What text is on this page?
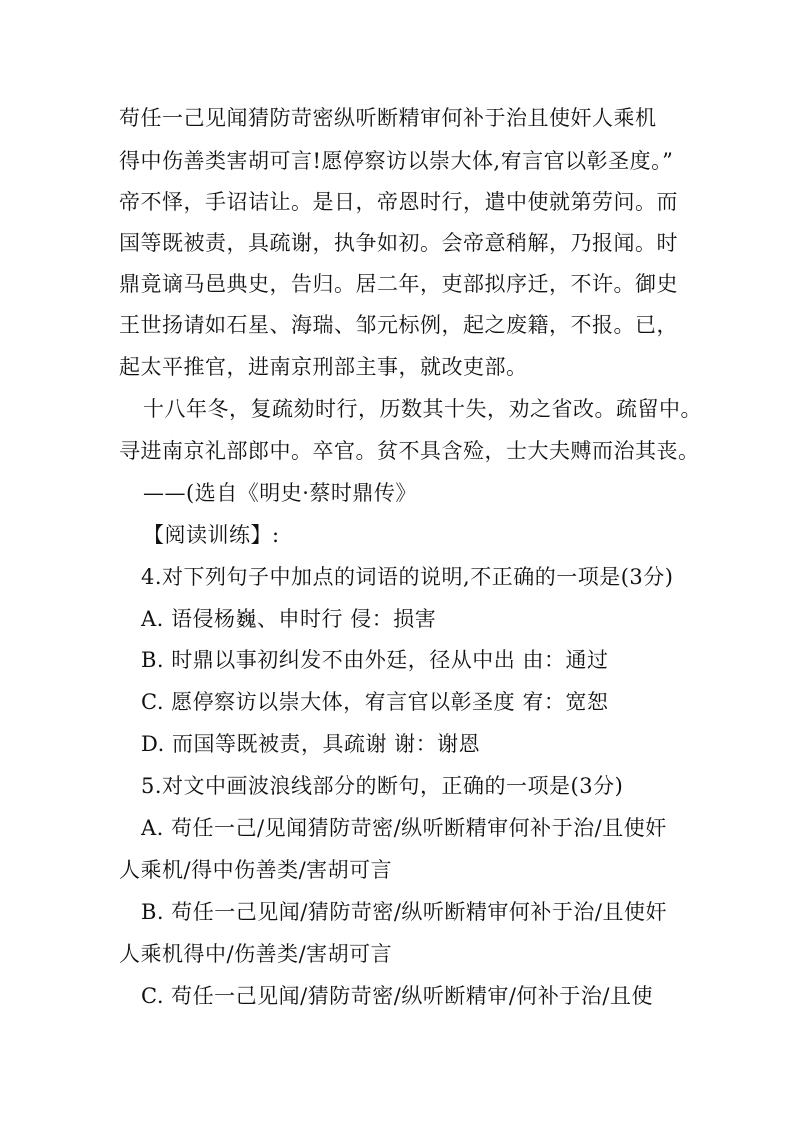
苟任一己见闻猜防苛密纵听断精审何补于治且使奸人乘机
得中伤善类害胡可言!愿停察访以崇大体,宥言官以彰圣度。”
帝不怿，手诏诘让。是日，帝恩时行，遣中使就第劳问。而
国等既被责，具疏谢，执争如初。会帝意稍解，乃报闻。时
鼎竟谪马邑典史，告归。居二年，吏部拟序迁，不许。御史
王世扬请如石星、海瑞、邹元标例，起之废籍，不报。已，
起太平推官，进南京刑部主事，就改吏部。
十八年冬，复疏劾时行，历数其十失，劝之省改。疏留中。
寻进南京礼部郎中。卒官。贫不具含殓，士大夫赙而治其丧。
——(选自《明史·蔡时鼎传》
【阅读训练】:
4.对下列句子中加点的词语的说明,不正确的一项是(3分)
A. 语侵杨巍、申时行 侵：损害
B. 时鼎以事初纠发不由外廷，径从中出 由：通过
C. 愿停察访以崇大体，宥言官以彰圣度 宥：宽恕
D. 而国等既被责，具疏谢 谢：谢恩
5.对文中画波浪线部分的断句，正确的一项是(3分)
A. 苟任一己/见闻猜防苛密/纵听断精审何补于治/且使奸
人乘机/得中伤善类/害胡可言
B. 苟任一己见闻/猜防苛密/纵听断精审何补于治/且使奸
人乘机得中/伤善类/害胡可言
C. 苟任一己见闻/猜防苛密/纵听断精审/何补于治/且使
